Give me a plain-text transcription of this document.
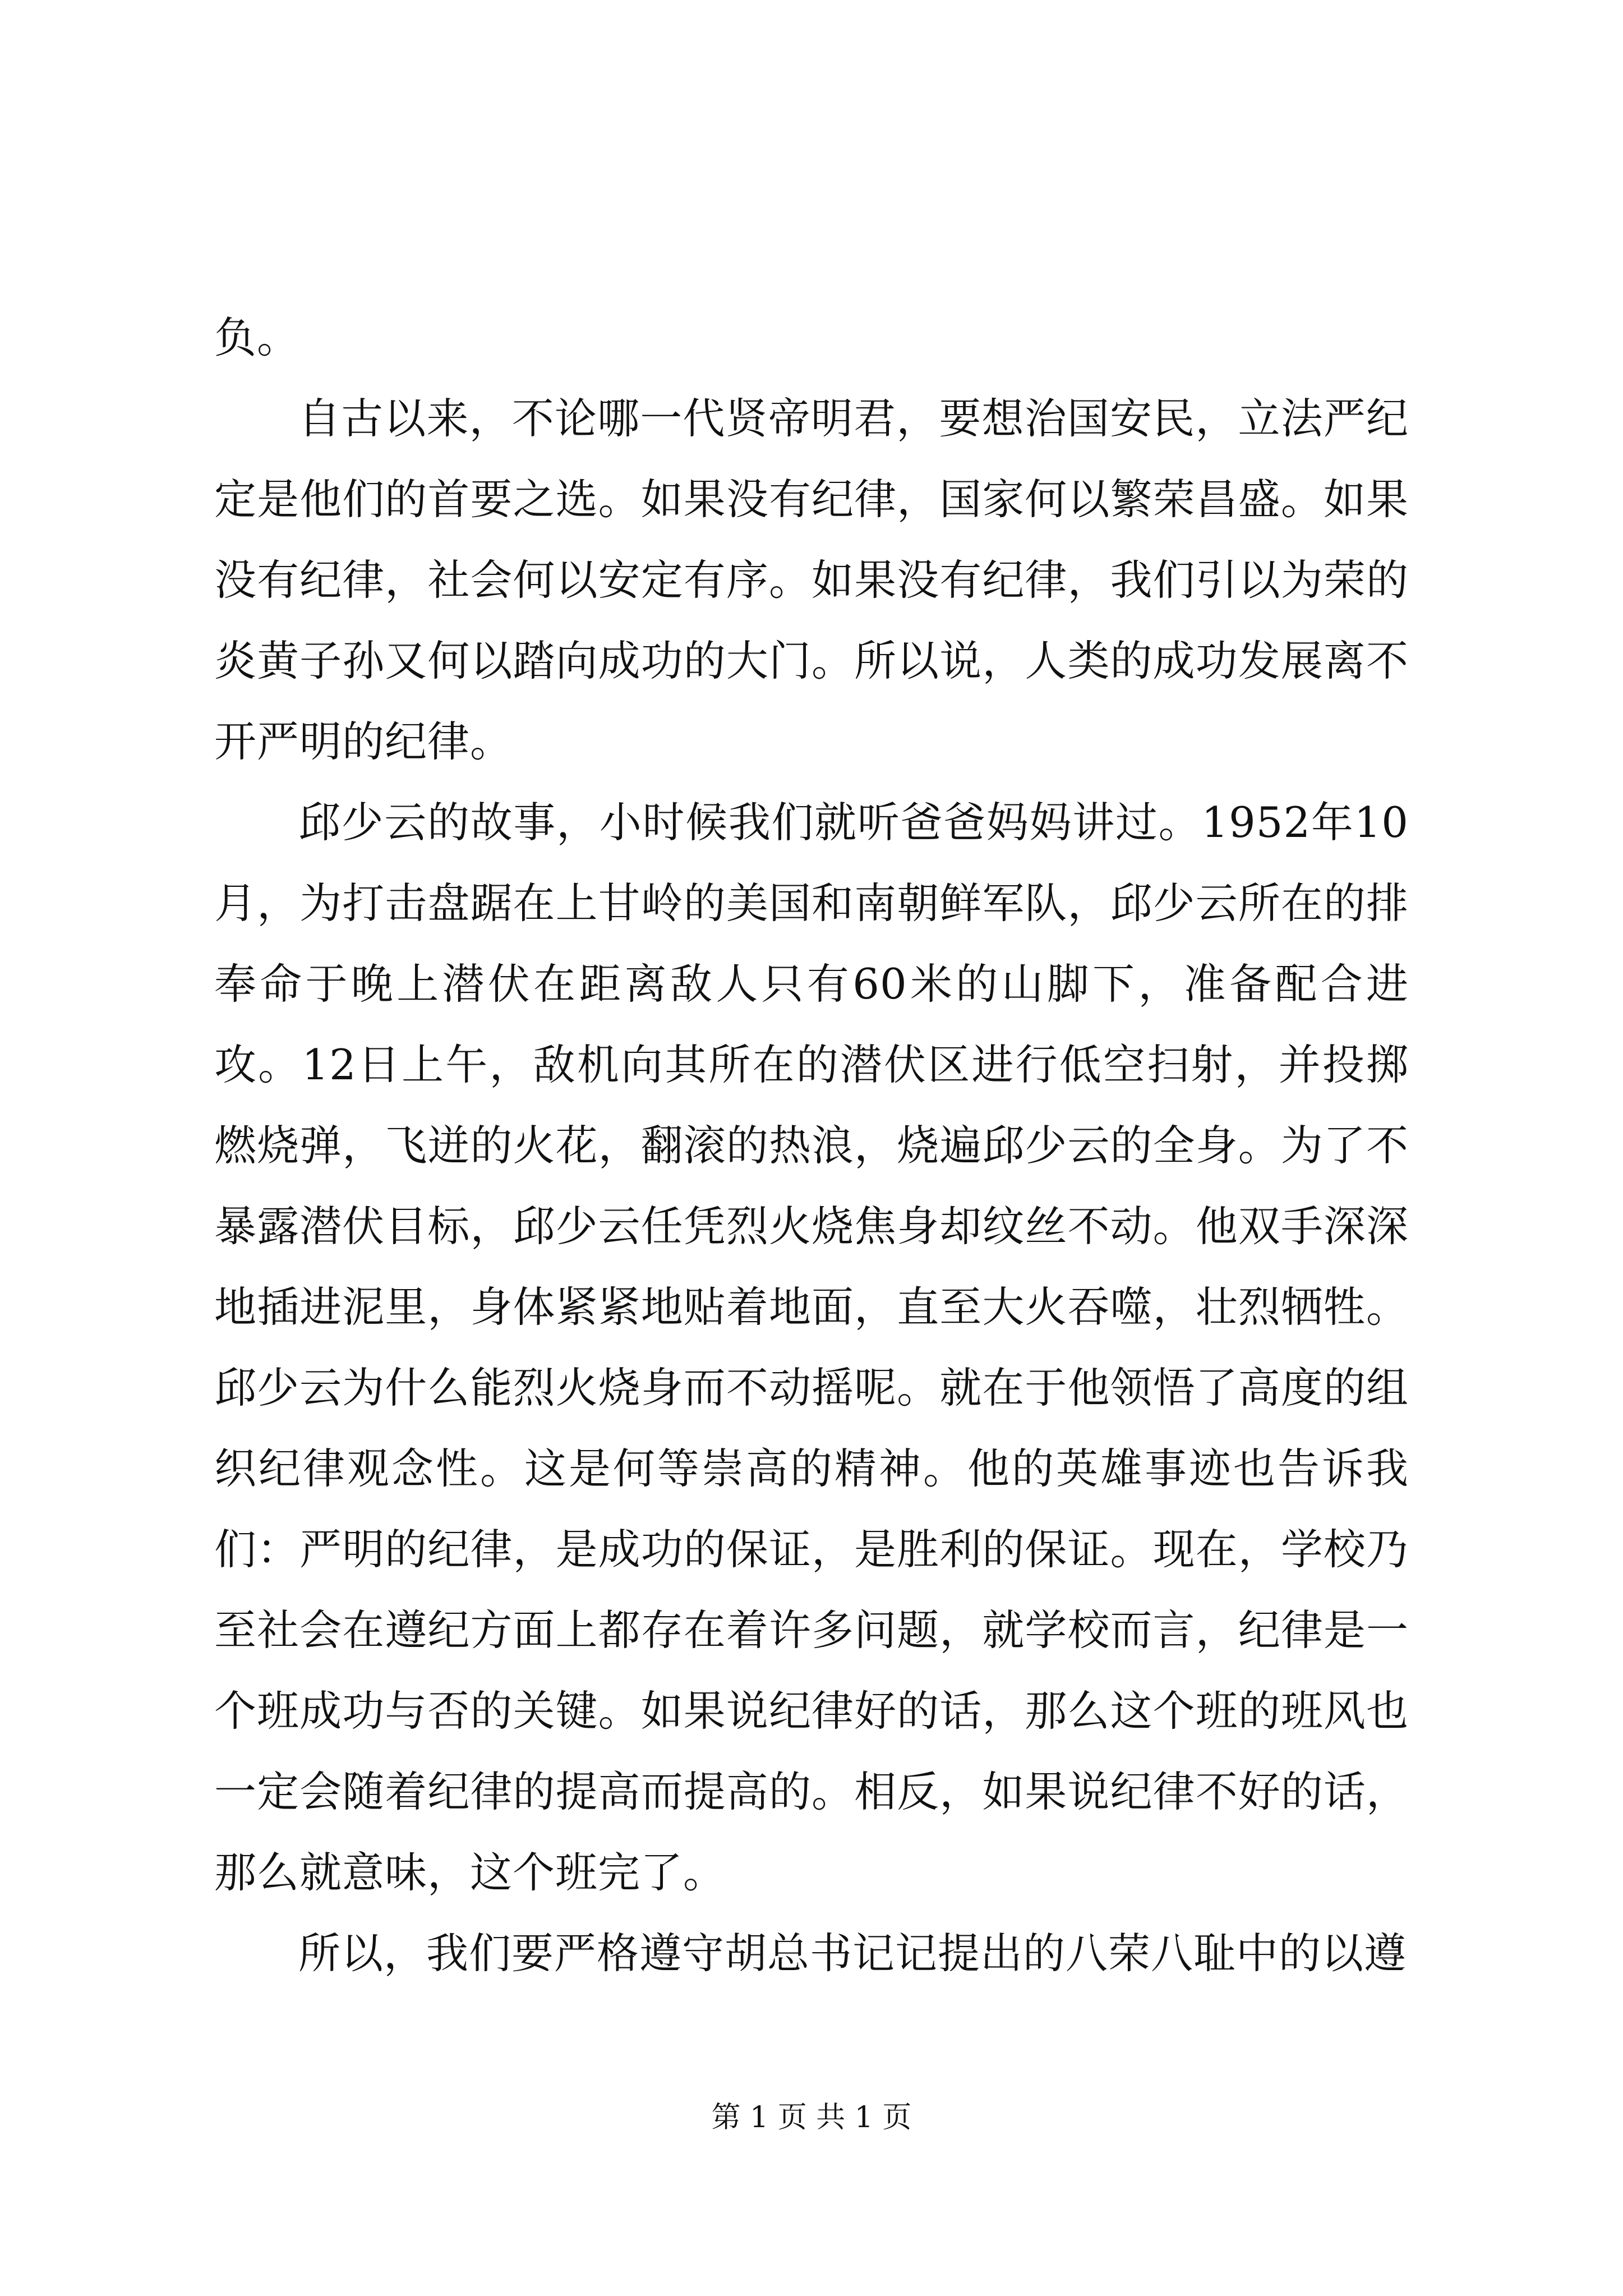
负。

自古以来，不论哪一代贤帝明君，要想治国安民，立法严纪定是他们的首要之选。如果没有纪律，国家何以繁荣昌盛。如果没有纪律，社会何以安定有序。如果没有纪律，我们引以为荣的炎黄子孙又何以踏向成功的大门。所以说，人类的成功发展离不开严明的纪律。

邱少云的故事，小时候我们就听爸爸妈妈讲过。1952年10月，为打击盘踞在上甘岭的美国和南朝鲜军队，邱少云所在的排奉命于晚上潜伏在距离敌人只有60米的山脚下，准备配合进攻。12日上午，敌机向其所在的潜伏区进行低空扫射，并投掷燃烧弹，飞迸的火花，翻滚的热浪，烧遍邱少云的全身。为了不暴露潜伏目标，邱少云任凭烈火烧焦身却纹丝不动。他双手深深地插进泥里，身体紧紧地贴着地面，直至大火吞噬，壮烈牺牲。邱少云为什么能烈火烧身而不动摇呢。就在于他领悟了高度的组织纪律观念性。这是何等崇高的精神。他的英雄事迹也告诉我们：严明的纪律，是成功的保证，是胜利的保证。现在，学校乃至社会在遵纪方面上都存在着许多问题，就学校而言，纪律是一个班成功与否的关键。如果说纪律好的话，那么这个班的班风也一定会随着纪律的提高而提高的。相反，如果说纪律不好的话，那么就意味，这个班完了。

所以，我们要严格遵守胡总书记记提出的八荣八耻中的以遵

第 1 页 共 1 页
